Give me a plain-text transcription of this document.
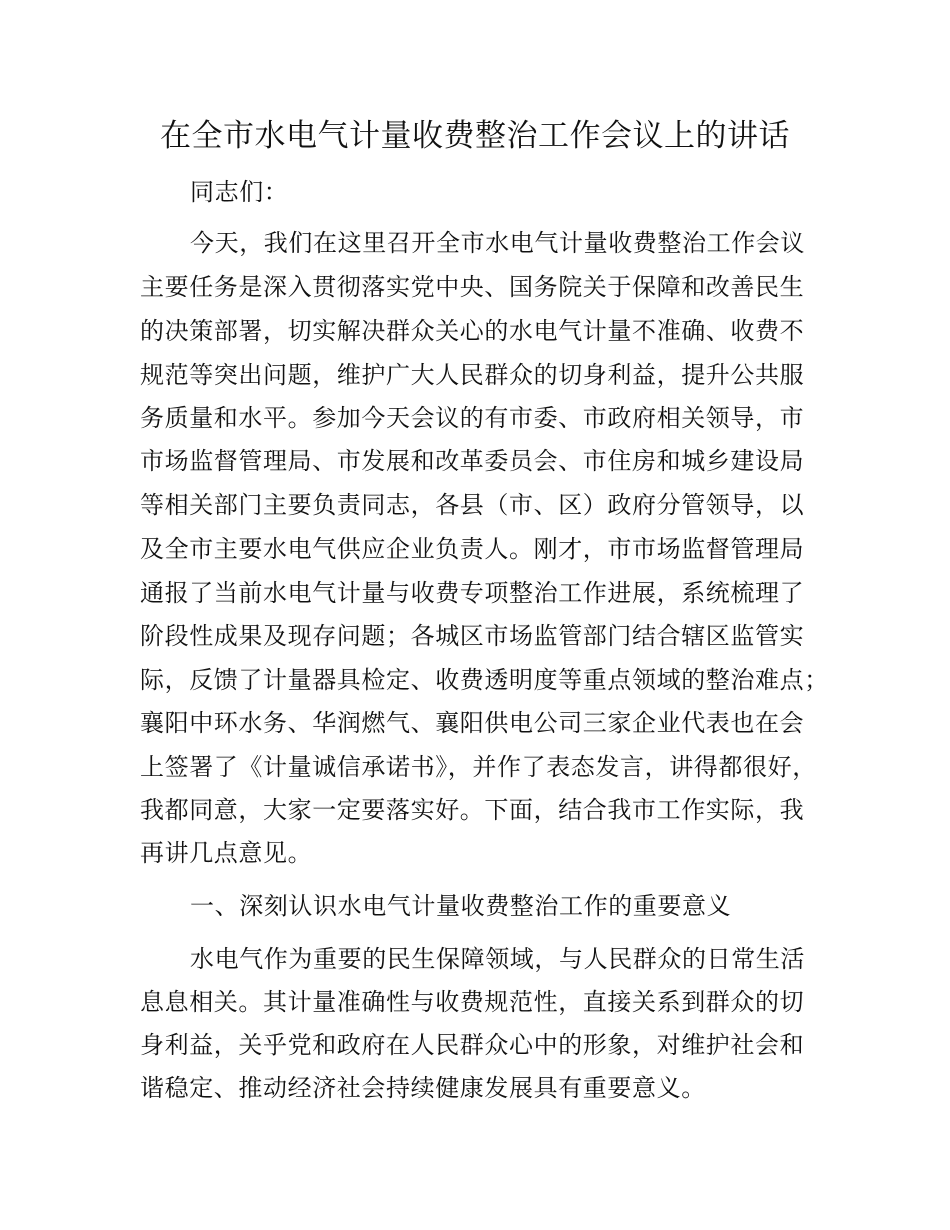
在全市水电气计量收费整治工作会议上的讲话

同志们：

今天，我们在这里召开全市水电气计量收费整治工作会议

主要任务是深入贯彻落实党中央、国务院关于保障和改善民生

的决策部署，切实解决群众关心的水电气计量不准确、收费不

规范等突出问题，维护广大人民群众的切身利益，提升公共服

务质量和水平。参加今天会议的有市委、市政府相关领导，市

市场监督管理局、市发展和改革委员会、市住房和城乡建设局

等相关部门主要负责同志，各县（市、区）政府分管领导，以

及全市主要水电气供应企业负责人。刚才，市市场监督管理局

通报了当前水电气计量与收费专项整治工作进展，系统梳理了

阶段性成果及现存问题；各城区市场监管部门结合辖区监管实

际，反馈了计量器具检定、收费透明度等重点领域的整治难点；

襄阳中环水务、华润燃气、襄阳供电公司三家企业代表也在会

上签署了《计量诚信承诺书》，并作了表态发言，讲得都很好，

我都同意，大家一定要落实好。下面，结合我市工作实际，我

再讲几点意见。

一、深刻认识水电气计量收费整治工作的重要意义

水电气作为重要的民生保障领域，与人民群众的日常生活

息息相关。其计量准确性与收费规范性，直接关系到群众的切

身利益，关乎党和政府在人民群众心中的形象，对维护社会和

谐稳定、推动经济社会持续健康发展具有重要意义。
